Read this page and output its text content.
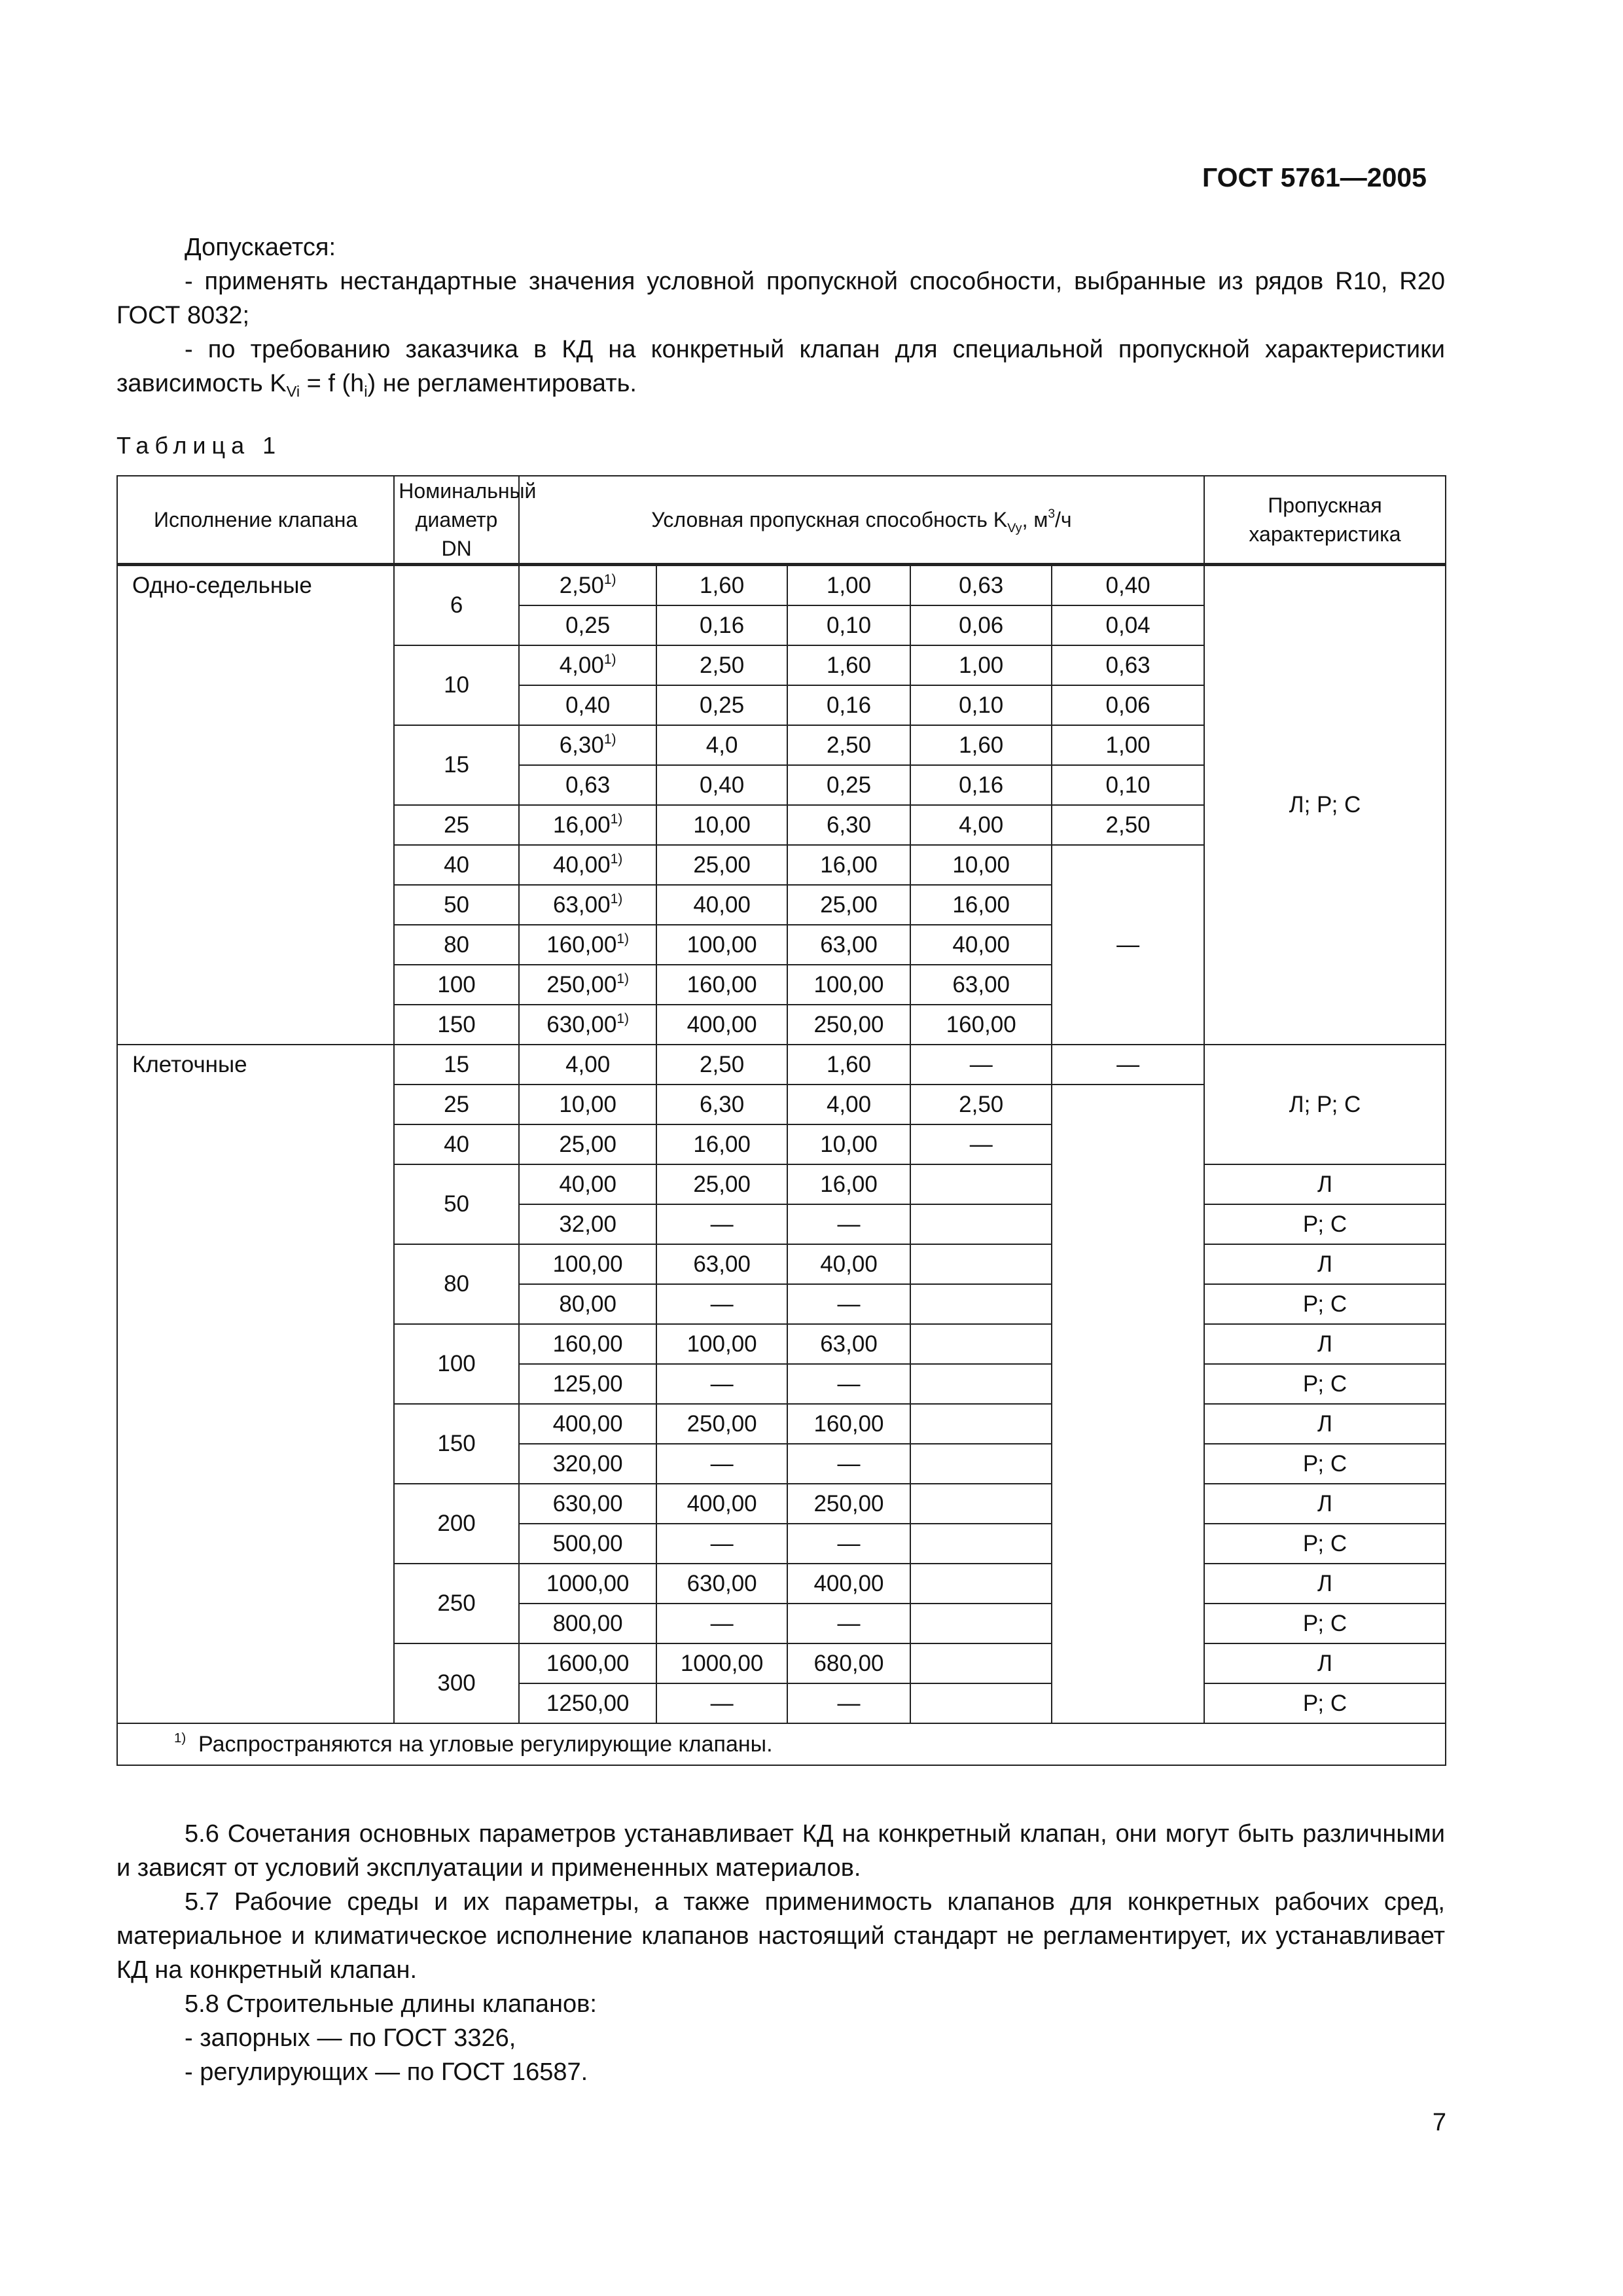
ГОСТ 5761—2005

Допускается:

- применять нестандартные значения условной пропускной способности, выбранные из рядов R10, R20 ГОСТ 8032;

- по требованию заказчика в КД на конкретный клапан для специальной пропускной характеристики зависимость $K_{Vi} = f$ $(h_i)$ не регламентировать.

Таблица 1
Исполнение клапана	Номинальный диаметр DN	Условная пропускная способность $K_{Vy}$, $м^3/ч$					Пропускная характеристика
Одно-седельные	6	2,50$^{1)}$	1,60	1,00	0,63	0,40	Л; Р; С
		0,25	0,16	0,10	0,06	0,04	
	10	4,00$^{1)}$	2,50	1,60	1,00	0,63	
		0,40	0,25	0,16	0,10	0,06	
	15	6,30$^{1)}$	4,0	2,50	1,60	1,00	
		0,63	0,40	0,25	0,16	0,10	
	25	16,00$^{1)}$	10,00	6,30	4,00	2,50	
	40	40,00$^{1)}$	25,00	16,00	10,00	—	
	50	63,00$^{1)}$	40,00	25,00	16,00		
	80	160,00$^{1)}$	100,00	63,00	40,00		
	100	250,00$^{1)}$	160,00	100,00	63,00		
	150	630,00$^{1)}$	400,00	250,00	160,00		
Клеточные	15	4,00	2,50	1,60	—	—	Л; Р; С
	25	10,00	6,30	4,00	2,50		
	40	25,00	16,00	10,00	—		
	50	40,00	25,00	16,00			Л
		32,00	—	—			Р; С
	80	100,00	63,00	40,00			Л
		80,00	—	—			Р; С
	100	160,00	100,00	63,00			Л
		125,00	—	—			Р; С
	150	400,00	250,00	160,00			Л
		320,00	—	—			Р; С
	200	630,00	400,00	250,00			Л
		500,00	—	—			Р; С
	250	1000,00	630,00	400,00			Л
		800,00	—	—			Р; С
	300	1600,00	1000,00	680,00			Л
		1250,00	—	—			Р; С
$^{1)}$ Распространяются на угловые регулирующие клапаны.							

5.6 Сочетания основных параметров устанавливает КД на конкретный клапан, они могут быть различными и зависят от условий эксплуатации и примененных материалов.

5.7 Рабочие среды и их параметры, а также применимость клапанов для конкретных рабочих сред, материальное и климатическое исполнение клапанов настоящий стандарт не регламентирует, их устанавливает КД на конкретный клапан.

5.8 Строительные длины клапанов:

- запорных — по ГОСТ 3326,

- регулирующих — по ГОСТ 16587.

7
